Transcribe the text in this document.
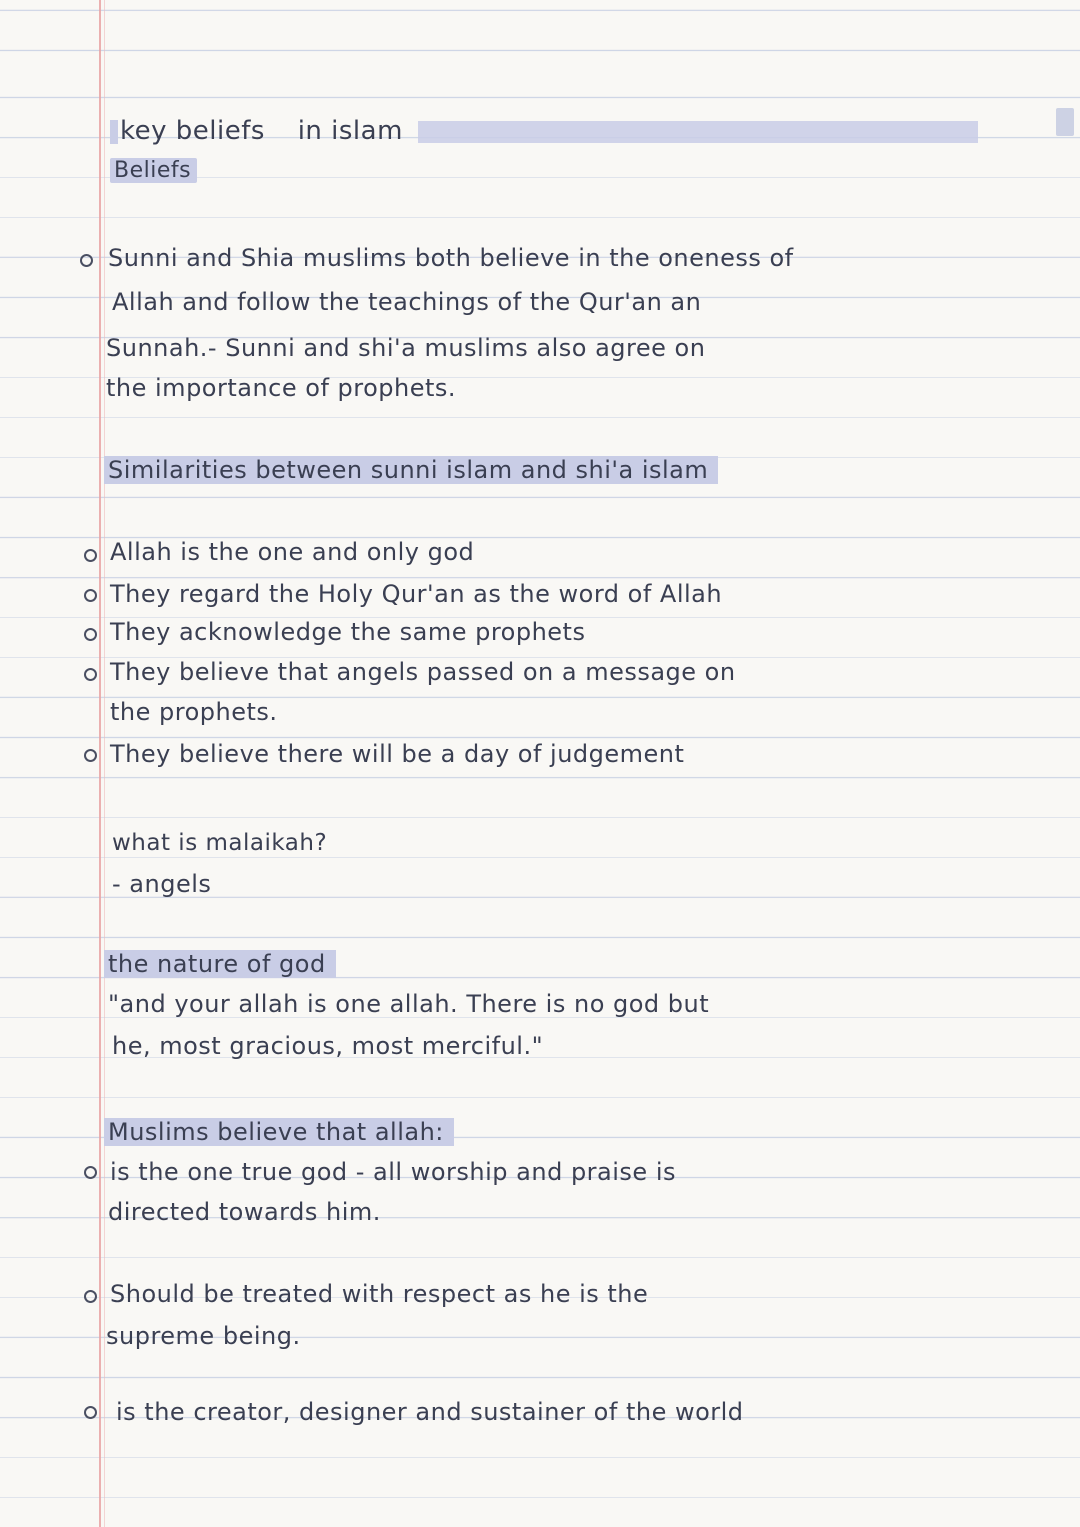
key beliefs in islam
Beliefs
Sunni and Shia muslims both believe in the oneness of
Allah and follow the teachings of the Qur'an an
Sunnah.- Sunni and shi'a muslims also agree on
the importance of prophets.
Similarities between sunni islam and shi'a islam
Allah is the one and only god
They regard the Holy Qur'an as the word of Allah
They acknowledge the same prophets
They believe that angels passed on a message on
the prophets.
They believe there will be a day of judgement
what is malaikah?
- angels
the nature of god
"and your allah is one allah. There is no god but
he, most gracious, most merciful."
Muslims believe that allah:
is the one true god - all worship and praise is
directed towards him.
Should be treated with respect as he is the
supreme being.
is the creator, designer and sustainer of the world
